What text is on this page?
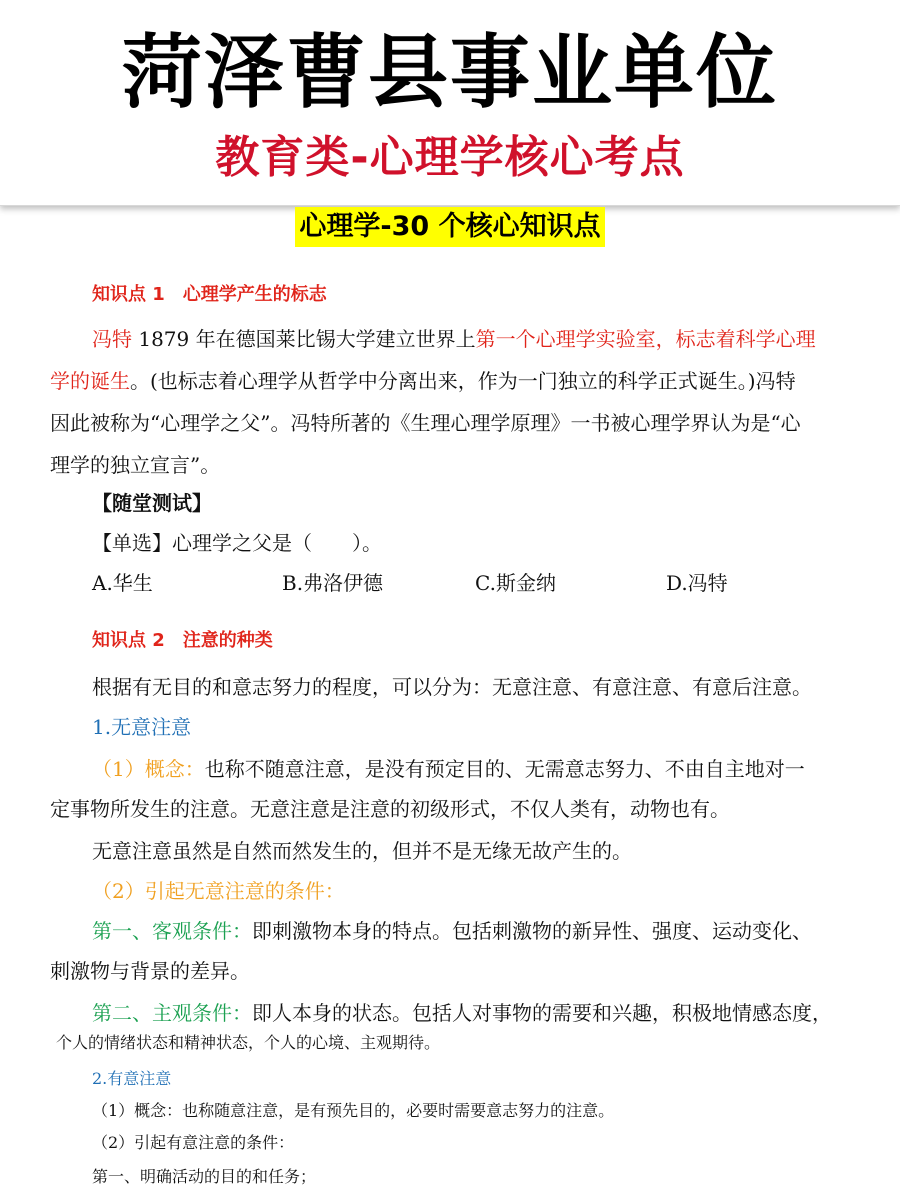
菏泽曹县事业单位
教育类-心理学核心考点
心理学-30 个核心知识点
知识点 1　心理学产生的标志
冯特 1879 年在德国莱比锡大学建立世界上第一个心理学实验室，标志着科学心理
学的诞生。(也标志着心理学从哲学中分离出来，作为一门独立的科学正式诞生。)冯特
因此被称为“心理学之父”。冯特所著的《生理心理学原理》一书被心理学界认为是“心
理学的独立宣言”。
【随堂测试】
【单选】心理学之父是（　　）。
A.华生	B.弗洛伊德	C.斯金纳	D.冯特
知识点 2　注意的种类
根据有无目的和意志努力的程度，可以分为：无意注意、有意注意、有意后注意。
1.无意注意
（1）概念：也称不随意注意，是没有预定目的、无需意志努力、不由自主地对一
定事物所发生的注意。无意注意是注意的初级形式，不仅人类有，动物也有。
无意注意虽然是自然而然发生的，但并不是无缘无故产生的。
（2）引起无意注意的条件：
第一、客观条件：即刺激物本身的特点。包括刺激物的新异性、强度、运动变化、
刺激物与背景的差异。
第二、主观条件：即人本身的状态。包括人对事物的需要和兴趣，积极地情感态度，
个人的情绪状态和精神状态，个人的心境、主观期待。
2.有意注意
（1）概念：也称随意注意，是有预先目的，必要时需要意志努力的注意。
（2）引起有意注意的条件：
第一、明确活动的目的和任务；
